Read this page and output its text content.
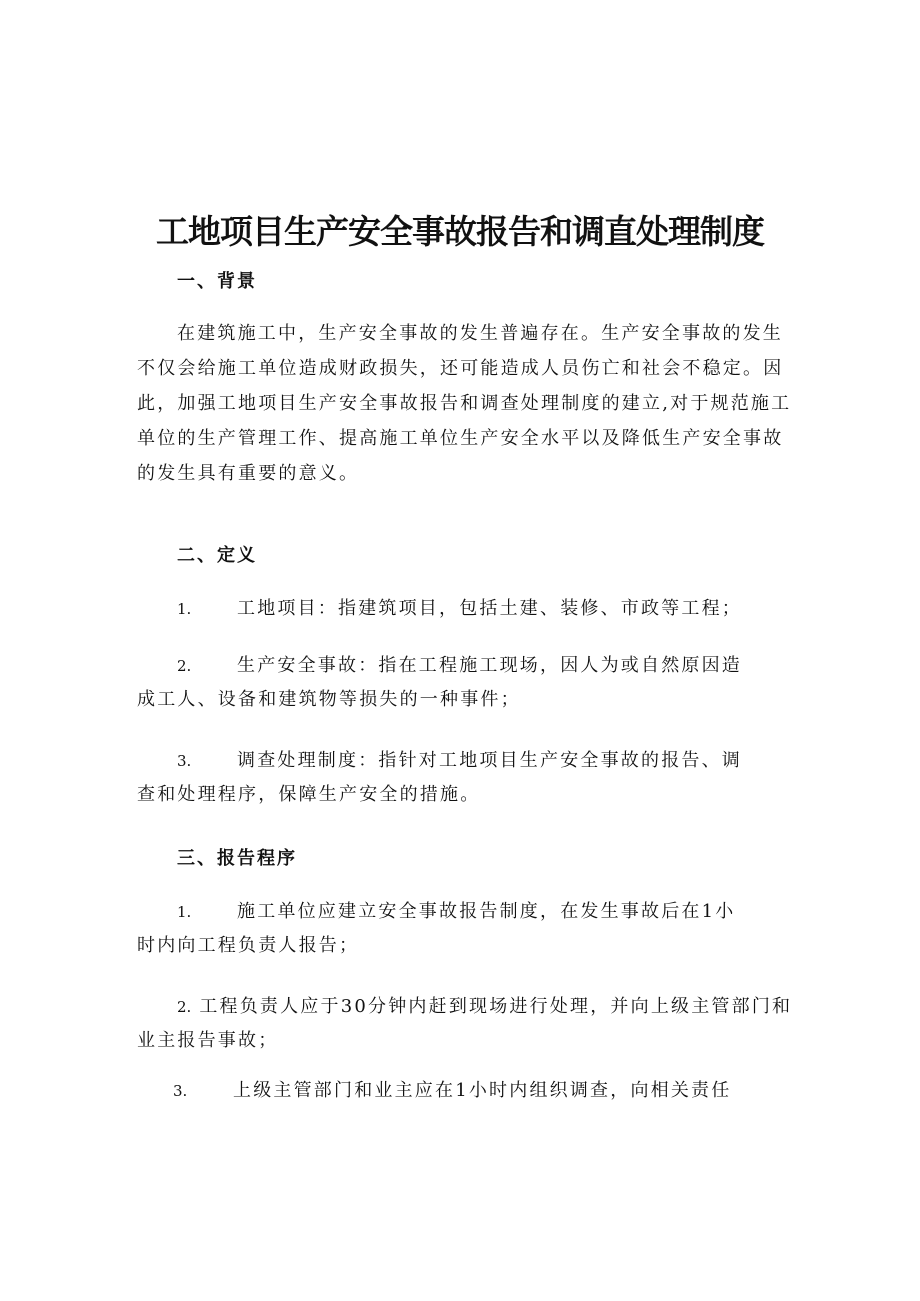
工地项目生产安全事故报告和调直处理制度
一、背景

在建筑施工中，生产安全事故的发生普遍存在。生产安全事故的发生不仅会给施工单位造成财政损失，还可能造成人员伤亡和社会不稳定。因此，加强工地项目生产安全事故报告和调查处理制度的建立,对于规范施工单位的生产管理工作、提高施工单位生产安全水平以及降低生产安全事故的发生具有重要的意义。

二、定义
1.	工地项目：指建筑项目，包括土建、装修、市政等工程；
2.	生产安全事故：指在工程施工现场，因人为或自然原因造
成工人、设备和建筑物等损失的一种事件；
3.	调查处理制度：指针对工地项目生产安全事故的报告、调
查和处理程序，保障生产安全的措施。
三、报告程序
1.	施工单位应建立安全事故报告制度，在发生事故后在1小
时内向工程负责人报告；
2. 工程负责人应于30分钟内赶到现场进行处理，并向上级主管部门和
业主报告事故；
3.	上级主管部门和业主应在1小时内组织调查，向相关责任
